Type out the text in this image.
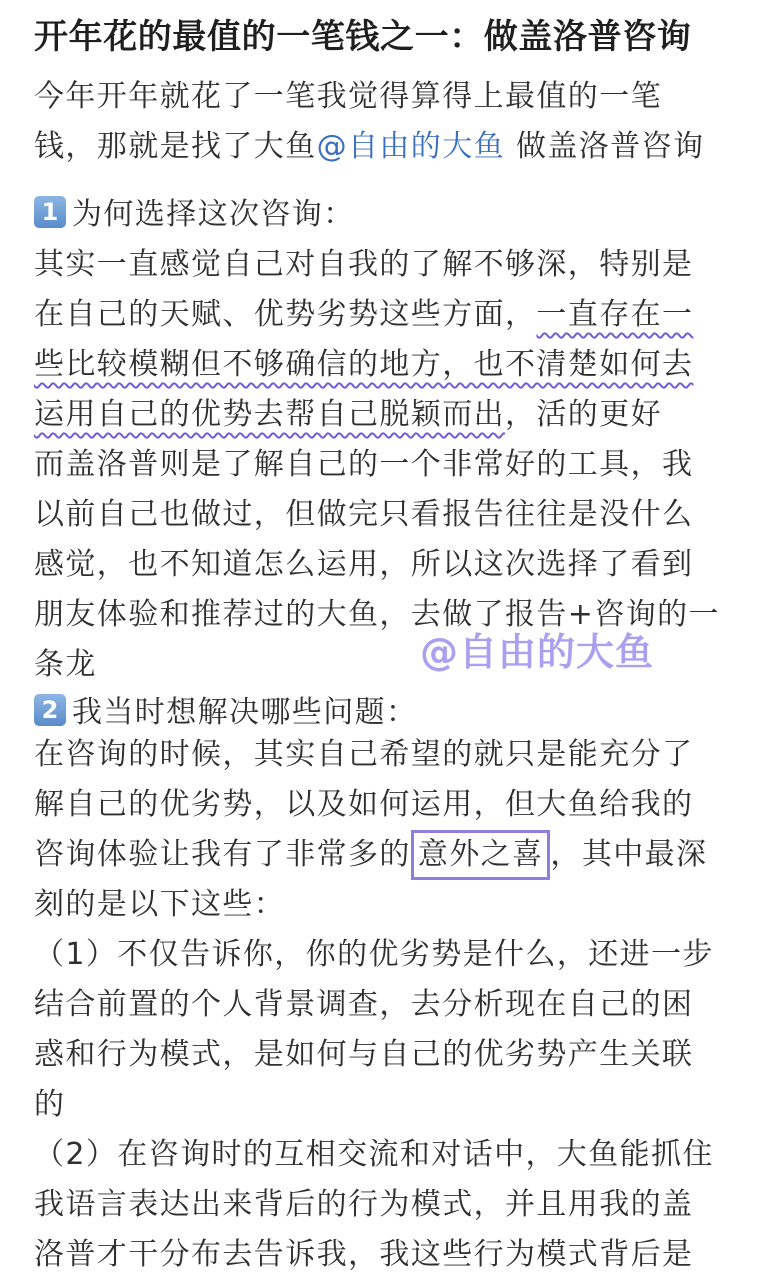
开年花的最值的一笔钱之一：做盖洛普咨询
今年开年就花了一笔我觉得算得上最值的一笔
钱，那就是找了大鱼@自由的大鱼 做盖洛普咨询
1 为何选择这次咨询：
其实一直感觉自己对自我的了解不够深，特别是
在自己的天赋、优势劣势这些方面，一直存在一
些比较模糊但不够确信的地方，也不清楚如何去
运用自己的优势去帮自己脱颖而出，活的更好
而盖洛普则是了解自己的一个非常好的工具，我
以前自己也做过，但做完只看报告往往是没什么
感觉，也不知道怎么运用，所以这次选择了看到
朋友体验和推荐过的大鱼，去做了报告+咨询的一
条龙	@自由的大鱼
2 我当时想解决哪些问题：
在咨询的时候，其实自己希望的就只是能充分了
解自己的优劣势，以及如何运用，但大鱼给我的
咨询体验让我有了非常多的 意外之喜 ，其中最深
刻的是以下这些：
（1）不仅告诉你，你的优劣势是什么，还进一步
结合前置的个人背景调查，去分析现在自己的困
惑和行为模式，是如何与自己的优劣势产生关联
的
（2）在咨询时的互相交流和对话中，大鱼能抓住
我语言表达出来背后的行为模式，并且用我的盖
洛普才干分布去告诉我，我这些行为模式背后是
